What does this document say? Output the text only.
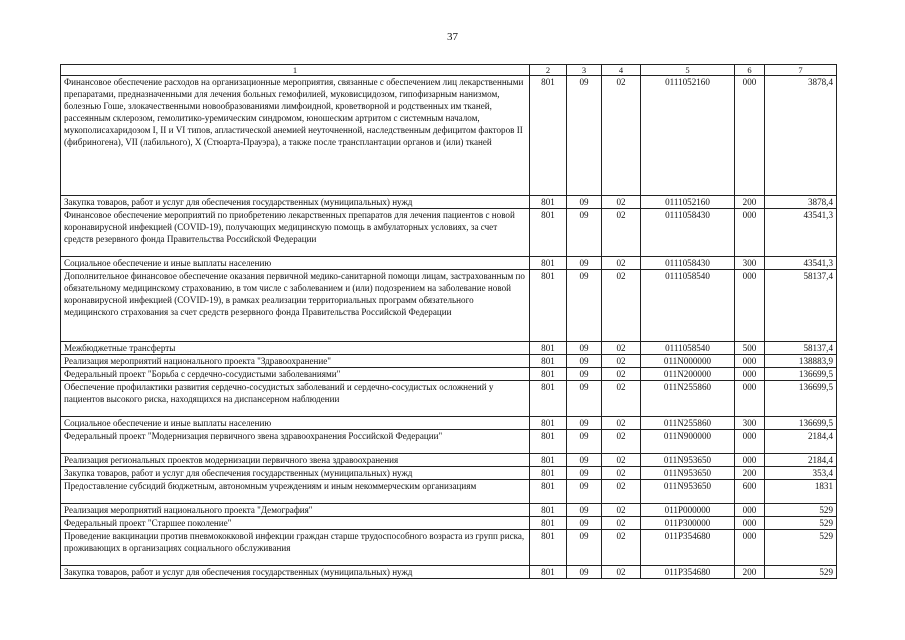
37
1	2	3	4	5	6	7
Финансовое обеспечение расходов на организационные мероприятия, связанные с обеспечением лиц лекарственными препаратами, предназначенными для лечения больных гемофилией, муковисцидозом, гипофизарным нанизмом, болезнью Гоше, злокачественными новообразованиями лимфоидной, кроветворной и родственных им тканей, рассеянным склерозом, гемолитико-уремическим синдромом, юношеским артритом с системным началом, мукополисахаридозом I, II и VI типов, апластической анемией неуточненной, наследственным дефицитом факторов II (фибриногена), VII (лабильного), X (Стюарта-Прауэра), а также после трансплантации органов и (или) тканей	801	09	02	0111052160	000	3878,4
Закупка товаров, работ и услуг для обеспечения государственных (муниципальных) нужд	801	09	02	0111052160	200	3878,4
Финансовое обеспечение мероприятий по приобретению лекарственных препаратов для лечения пациентов с новой коронавирусной инфекцией (COVID-19), получающих медицинскую помощь в амбулаторных условиях, за счет средств резервного фонда Правительства Российской Федерации	801	09	02	0111058430	000	43541,3
Социальное обеспечение и иные выплаты населению	801	09	02	0111058430	300	43541,3
Дополнительное финансовое обеспечение оказания первичной медико-санитарной помощи лицам, застрахованным по обязательному медицинскому страхованию, в том числе с заболеванием и (или) подозрением на заболевание новой коронавирусной инфекцией (COVID-19), в рамках реализации территориальных программ обязательного медицинского страхования за счет средств резервного фонда Правительства Российской Федерации	801	09	02	0111058540	000	58137,4
Межбюджетные трансферты	801	09	02	0111058540	500	58137,4
Реализация мероприятий национального проекта "Здравоохранение"	801	09	02	011N000000	000	138883,9
Федеральный проект "Борьба с сердечно-сосудистыми заболеваниями"	801	09	02	011N200000	000	136699,5
Обеспечение профилактики развития сердечно-сосудистых заболеваний и сердечно-сосудистых осложнений у пациентов высокого риска, находящихся на диспансерном наблюдении	801	09	02	011N255860	000	136699,5
Социальное обеспечение и иные выплаты населению	801	09	02	011N255860	300	136699,5
Федеральный проект "Модернизация первичного звена здравоохранения Российской Федерации"	801	09	02	011N900000	000	2184,4
Реализация региональных проектов модернизации первичного звена здравоохранения	801	09	02	011N953650	000	2184,4
Закупка товаров, работ и услуг для обеспечения государственных (муниципальных) нужд	801	09	02	011N953650	200	353,4
Предоставление субсидий бюджетным, автономным учреждениям и иным некоммерческим организациям	801	09	02	011N953650	600	1831
Реализация мероприятий национального проекта "Демография"	801	09	02	011P000000	000	529
Федеральный проект "Старшее поколение"	801	09	02	011P300000	000	529
Проведение вакцинации против пневмококковой инфекции граждан старше трудоспособного возраста из групп риска, проживающих в организациях социального обслуживания	801	09	02	011P354680	000	529
Закупка товаров, работ и услуг для обеспечения государственных (муниципальных) нужд	801	09	02	011P354680	200	529
